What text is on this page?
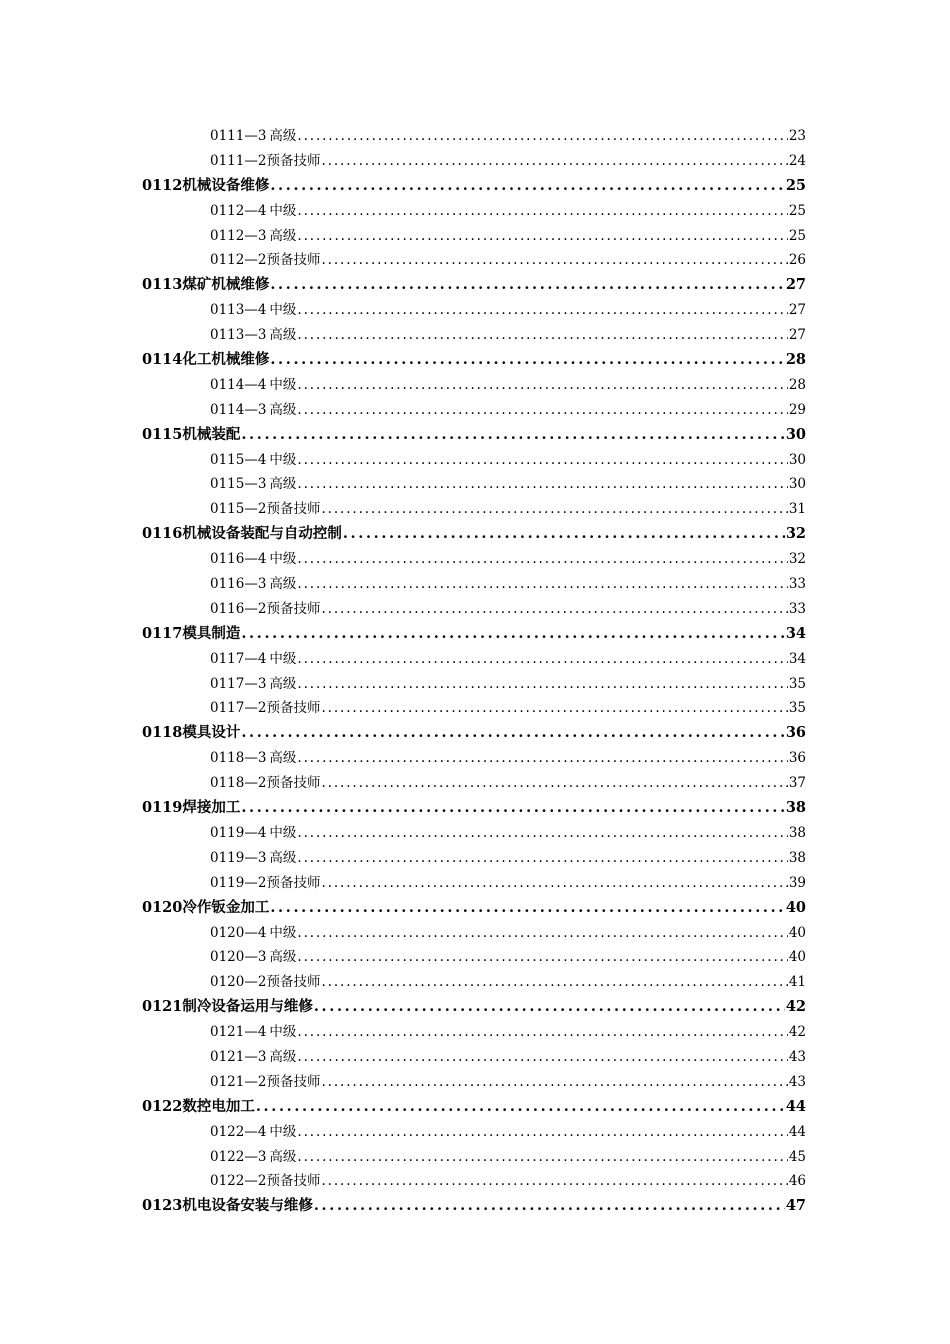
0111—3 高级 . . .	23
0111—2 预备技师 . . .	24
0112 机械设备维修 . . .	25
0112—4 中级 . . .	25
0112—3 高级 . . .	25
0112—2 预备技师 . . .	26
0113 煤矿机械维修 . . .	27
0113—4 中级 . . .	27
0113—3 高级 . . .	27
0114 化工机械维修 . . .	28
0114—4 中级 . . .	28
0114—3 高级 . . .	29
0115 机械装配 . . .	30
0115—4 中级 . . .	30
0115—3 高级 . . .	30
0115—2 预备技师 . . .	31
0116 机械设备装配与自动控制 . . .	32
0116—4 中级 . . .	32
0116—3 高级 . . .	33
0116—2 预备技师 . . .	33
0117 模具制造 . . .	34
0117—4 中级 . . .	34
0117—3 高级 . . .	35
0117—2 预备技师 . . .	35
0118 模具设计 . . .	36
0118—3 高级 . . .	36
0118—2 预备技师 . . .	37
0119 焊接加工 . . .	38
0119—4 中级 . . .	38
0119—3 高级 . . .	38
0119—2 预备技师 . . .	39
0120 冷作钣金加工 . . .	40
0120—4 中级 . . .	40
0120—3 高级 . . .	40
0120—2 预备技师 . . .	41
0121 制冷设备运用与维修 . . .	42
0121—4 中级 . . .	42
0121—3 高级 . . .	43
0121—2 预备技师 . . .	43
0122 数控电加工 . . .	44
0122—4 中级 . . .	44
0122—3 高级 . . .	45
0122—2 预备技师 . . .	46
0123 机电设备安装与维修 . . .	47
